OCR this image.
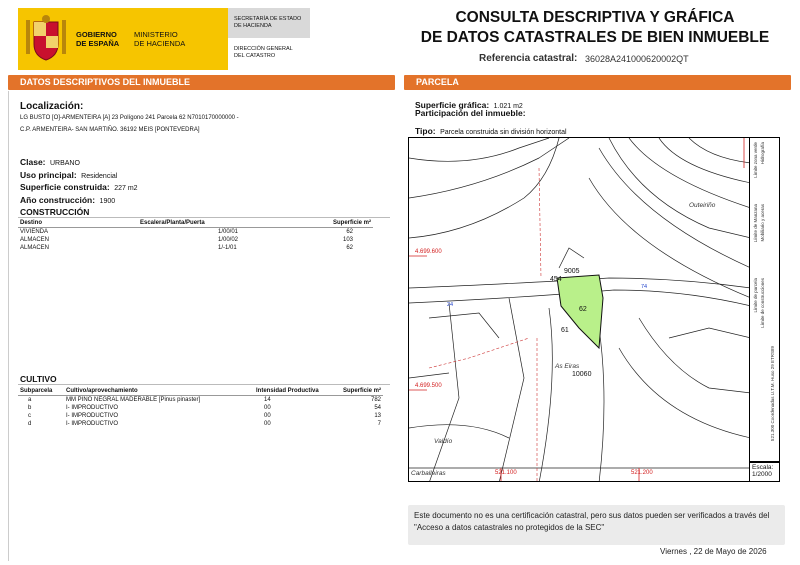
GOBIERNO
DE ESPAÑA
MINISTERIO
DE HACIENDA
SECRETARÍA DE ESTADO
DE HACIENDA
DIRECCIÓN GENERAL
DEL CATASTRO
CONSULTA DESCRIPTIVA Y GRÁFICA
DE DATOS CATASTRALES DE BIEN INMUEBLE
Referencia catastral: 36028A241000620002QT
DATOS DESCRIPTIVOS DEL INMUEBLE	PARCELA
Localización:
LG BUSTO [O]-ARMENTEIRA [A] 23 Polígono 241 Parcela 62 N7010170000000 -
C.P. ARMENTEIRA- SAN MARTIÑO. 36192 MEIS [PONTEVEDRA]
Clase: URBANO
Uso principal: Residencial
Superficie construida: 227 m2
Año construcción: 1900
CONSTRUCCIÓN
Destino	Escalera/Planta/Puerta	Superficie m²
VIVIENDA	1/00/01	62
ALMACEN	1/00/02	103
ALMACEN	1/-1/01	62
CULTIVO
Subparcela	Cultivo/aprovechamiento	Intensidad Productiva	Superficie m²
a	MM PINO NEGRAL MADERABLE [Pinus pinaster]	14	782
b	I- IMPRODUCTIVO	00	54
c	I- IMPRODUCTIVO	00	13
d	I- IMPRODUCTIVO	00	7
Superficie gráfica: 1.021 m2
Participación del inmueble:
Tipo: Parcela construida sin división horizontal
Outeiriño
As Eiras
Valdío
Carballeiras
4.699.600
4.699.500
521.100	521.200
9005
454
62
61
10060
74
24
Límite zona verde Hidrografía
Límite de Manzana Mobiliario y aceras
Límite de parcela Límite de construcciones
521.300 Coordenadas U.T.M. Huso 29 ETRS89
Escala:
1/2000
Este documento no es una certificación catastral, pero sus datos pueden ser verificados a través del "Acceso a datos catastrales no protegidos de la SEC"
Viernes , 22 de Mayo de 2026
